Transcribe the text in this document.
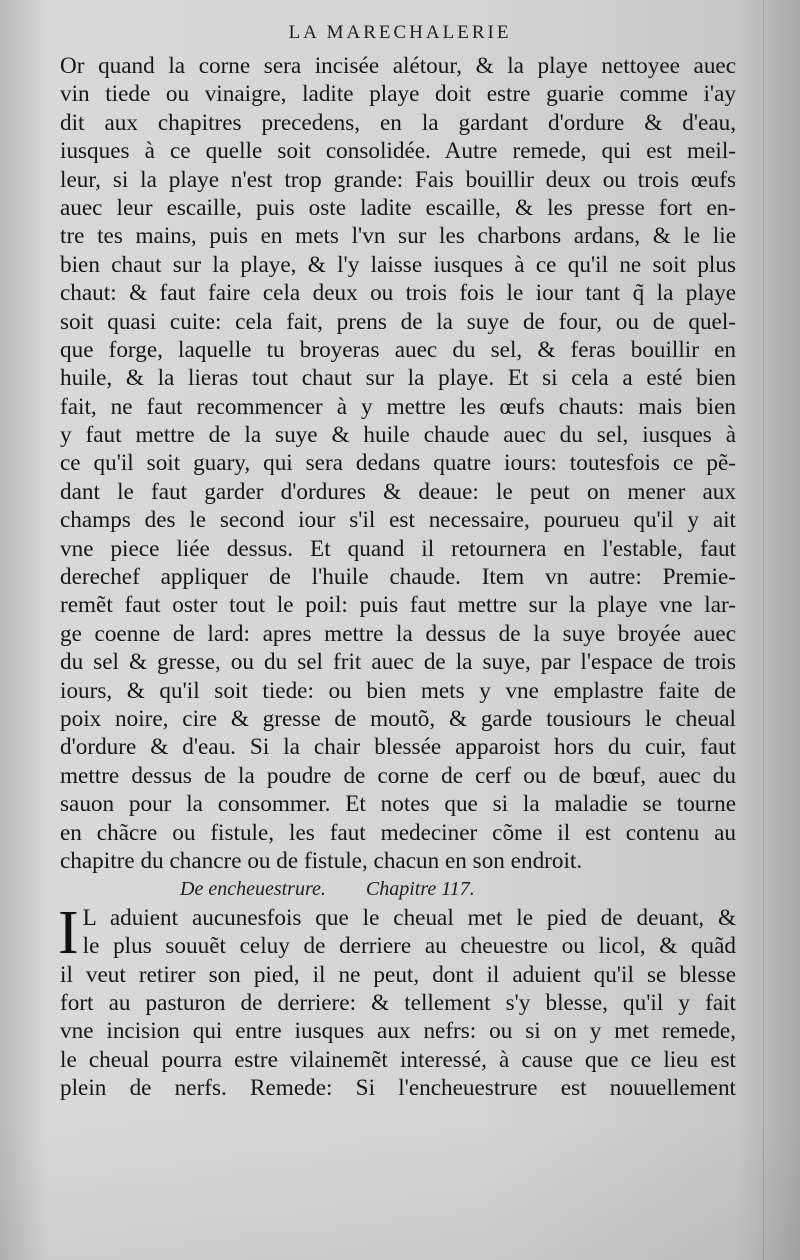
LA MARECHALERIE
Or quand la corne sera incisée alétour, & la playe nettoyee auec
vin tiede ou vinaigre, ladite playe doit estre guarie comme i'ay
dit aux chapitres precedens, en la gardant d'ordure & d'eau,
iusques à ce quelle soit consolidée. Autre remede, qui est meil-
leur, si la playe n'est trop grande: Fais bouillir deux ou trois œufs
auec leur escaille, puis oste ladite escaille, & les presse fort en-
tre tes mains, puis en mets l'vn sur les charbons ardans, & le lie
bien chaut sur la playe, & l'y laisse iusques à ce qu'il ne soit plus
chaut: & faut faire cela deux ou trois fois le iour tant q̃ la playe
soit quasi cuite: cela fait, prens de la suye de four, ou de quel-
que forge, laquelle tu broyeras auec du sel, & feras bouillir en
huile, & la lieras tout chaut sur la playe. Et si cela a esté bien
fait, ne faut recommencer à y mettre les œufs chauts: mais bien
y faut mettre de la suye & huile chaude auec du sel, iusques à
ce qu'il soit guary, qui sera dedans quatre iours: toutesfois ce pẽ-
dant le faut garder d'ordures & deaue: le peut on mener aux
champs des le second iour s'il est necessaire, pourueu qu'il y ait
vne piece liée dessus. Et quand il retournera en l'estable, faut
derechef appliquer de l'huile chaude. Item vn autre: Premie-
remẽt faut oster tout le poil: puis faut mettre sur la playe vne lar-
ge coenne de lard: apres mettre la dessus de la suye broyée auec
du sel & gresse, ou du sel frit auec de la suye, par l'espace de trois
iours, & qu'il soit tiede: ou bien mets y vne emplastre faite de
poix noire, cire & gresse de moutõ, & garde tousiours le cheual
d'ordure & d'eau. Si la chair blessée apparoist hors du cuir, faut
mettre dessus de la poudre de corne de cerf ou de bœuf, auec du
sauon pour la consommer. Et notes que si la maladie se tourne
en chãcre ou fistule, les faut medeciner cõme il est contenu au
chapitre du chancre ou de fistule, chacun en son endroit.
De encheuestrure. Chapitre 117.
I L aduient aucunesfois que le cheual met le pied de deuant, &
le plus souuẽt celuy de derriere au cheuestre ou licol, & quãd
il veut retirer son pied, il ne peut, dont il aduient qu'il se blesse
fort au pasturon de derriere: & tellement s'y blesse, qu'il y fait
vne incision qui entre iusques aux nefrs: ou si on y met remede,
le cheual pourra estre vilainemẽt interessé, à cause que ce lieu est
plein de nerfs. Remede: Si l'encheuestrure est nouuellement
